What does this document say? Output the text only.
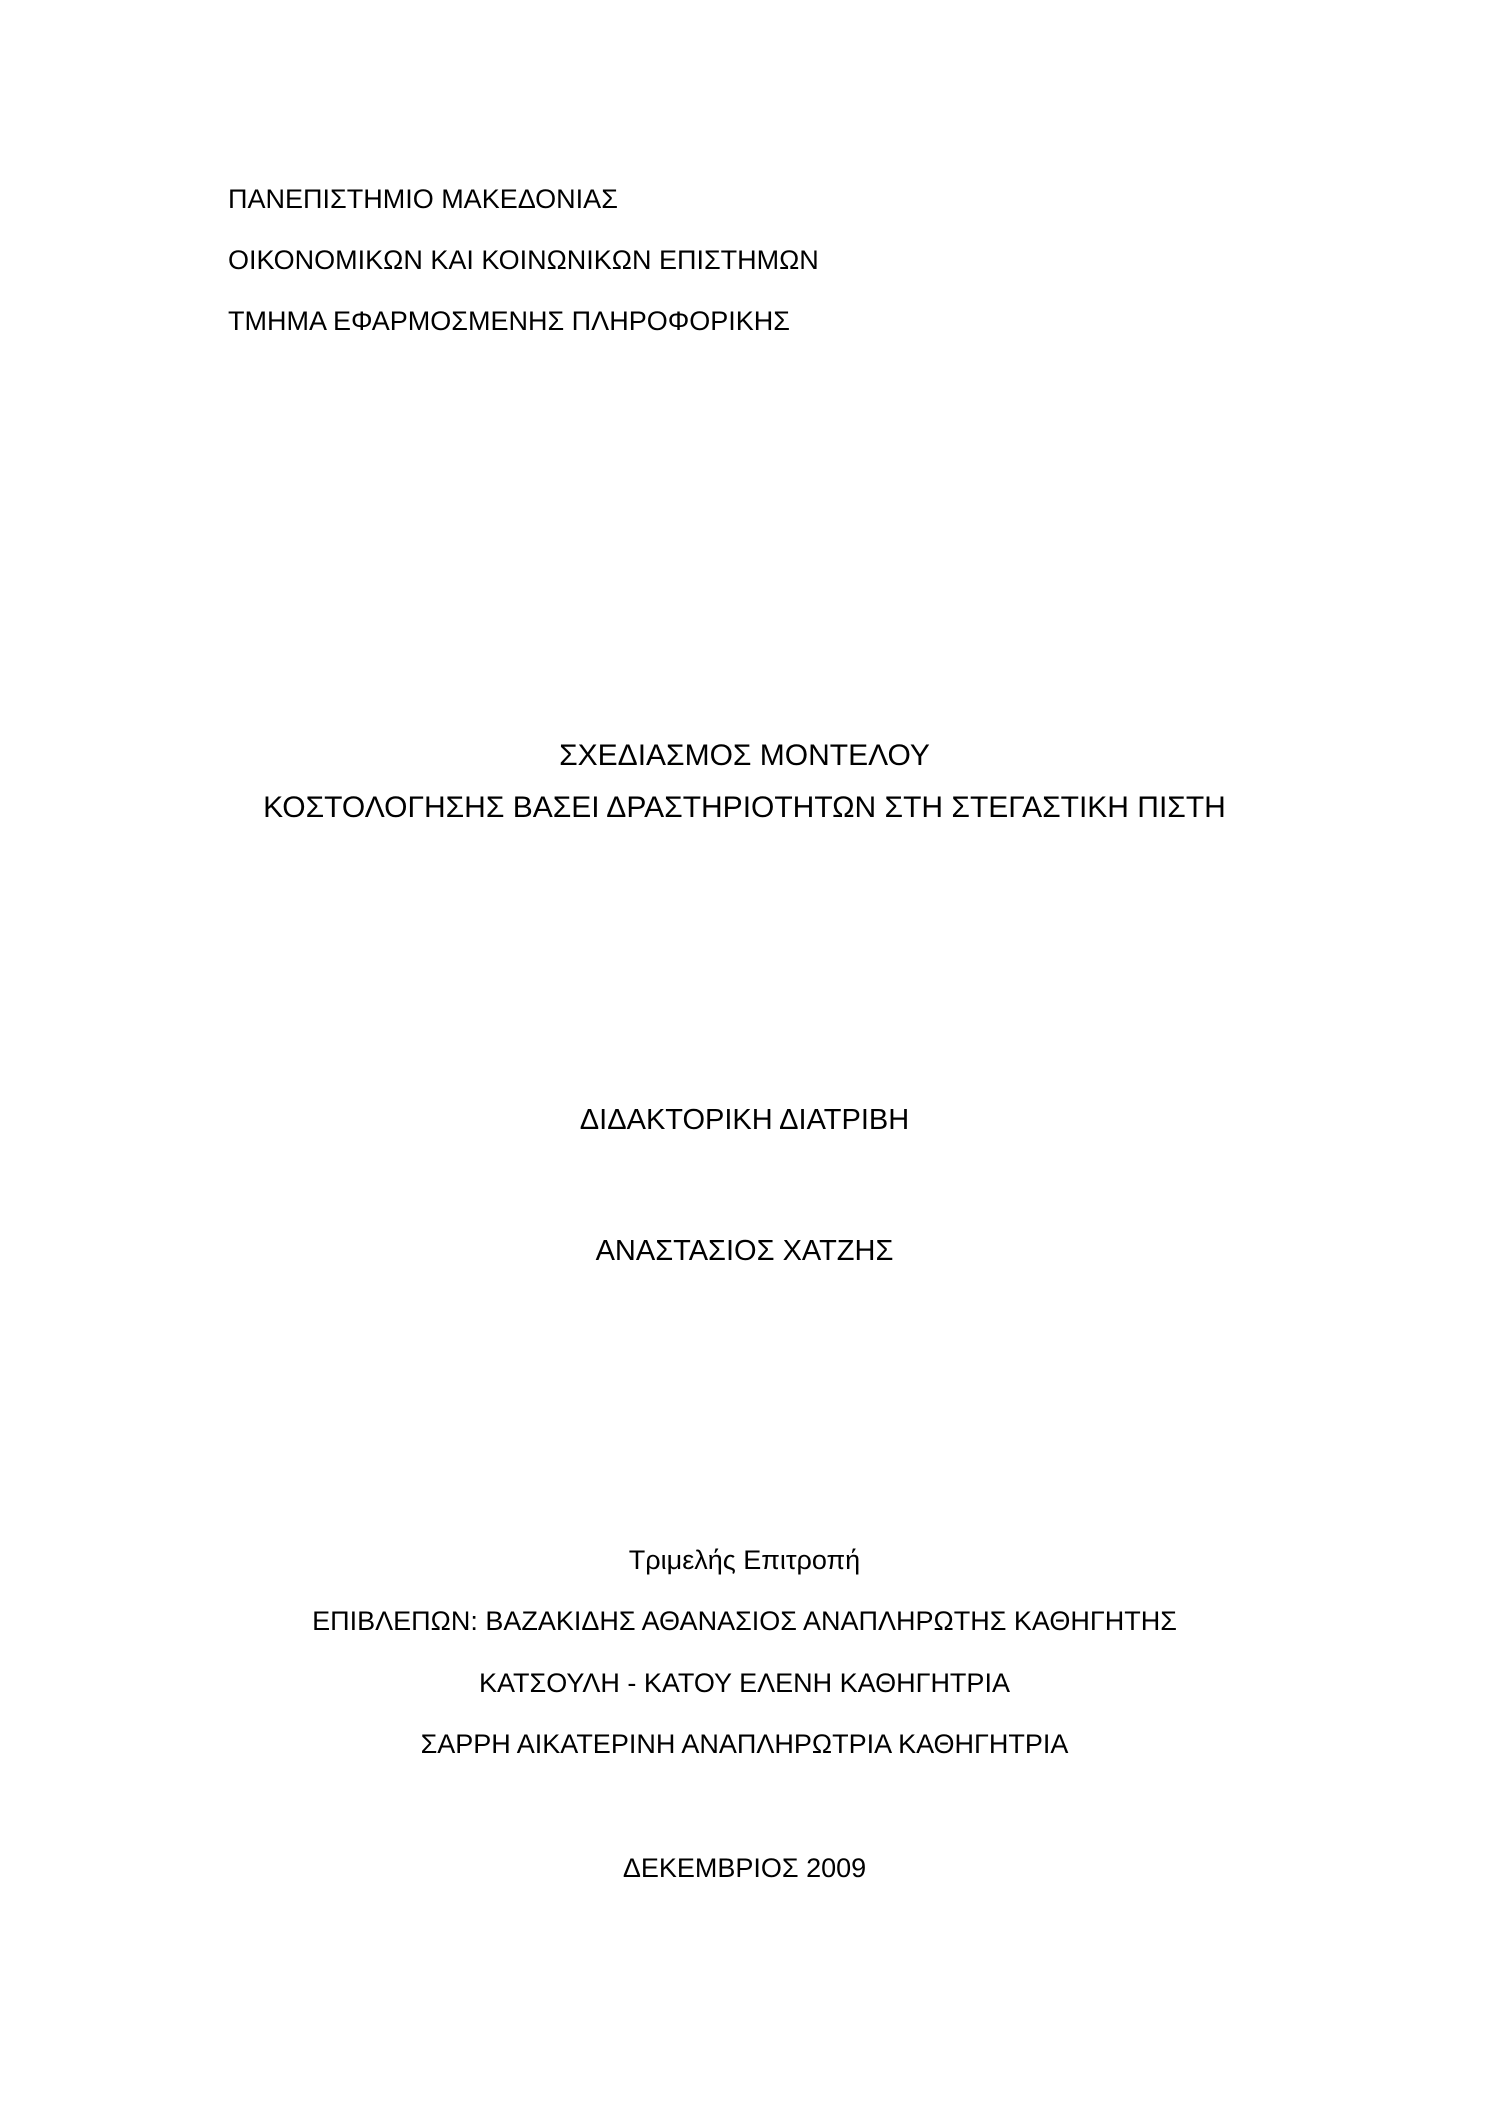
ΠΑΝΕΠΙΣΤΗΜΙΟ ΜΑΚΕΔΟΝΙΑΣ
ΟΙΚΟΝΟΜΙΚΩΝ ΚΑΙ ΚΟΙΝΩΝΙΚΩΝ ΕΠΙΣΤΗΜΩΝ
ΤΜΗΜΑ ΕΦΑΡΜΟΣΜΕΝΗΣ ΠΛΗΡΟΦΟΡΙΚΗΣ
ΣΧΕΔΙΑΣΜΟΣ ΜΟΝΤΕΛΟΥ
ΚΟΣΤΟΛΟΓΗΣΗΣ ΒΑΣΕΙ ΔΡΑΣΤΗΡΙΟΤΗΤΩΝ ΣΤΗ ΣΤΕΓΑΣΤΙΚΗ ΠΙΣΤΗ
ΔΙΔΑΚΤΟΡΙΚΗ ΔΙΑΤΡΙΒΗ
ΑΝΑΣΤΑΣΙΟΣ ΧΑΤΖΗΣ
Τριμελής Επιτροπή
ΕΠΙΒΛΕΠΩΝ: ΒΑΖΑΚΙΔΗΣ ΑΘΑΝΑΣΙΟΣ ΑΝΑΠΛΗΡΩΤΗΣ ΚΑΘΗΓΗΤΗΣ
ΚΑΤΣΟΥΛΗ - ΚΑΤΟΥ ΕΛΕΝΗ ΚΑΘΗΓΗΤΡΙΑ
ΣΑΡΡΗ ΑΙΚΑΤΕΡΙΝΗ ΑΝΑΠΛΗΡΩΤΡΙΑ ΚΑΘΗΓΗΤΡΙΑ
ΔΕΚΕΜΒΡΙΟΣ 2009
